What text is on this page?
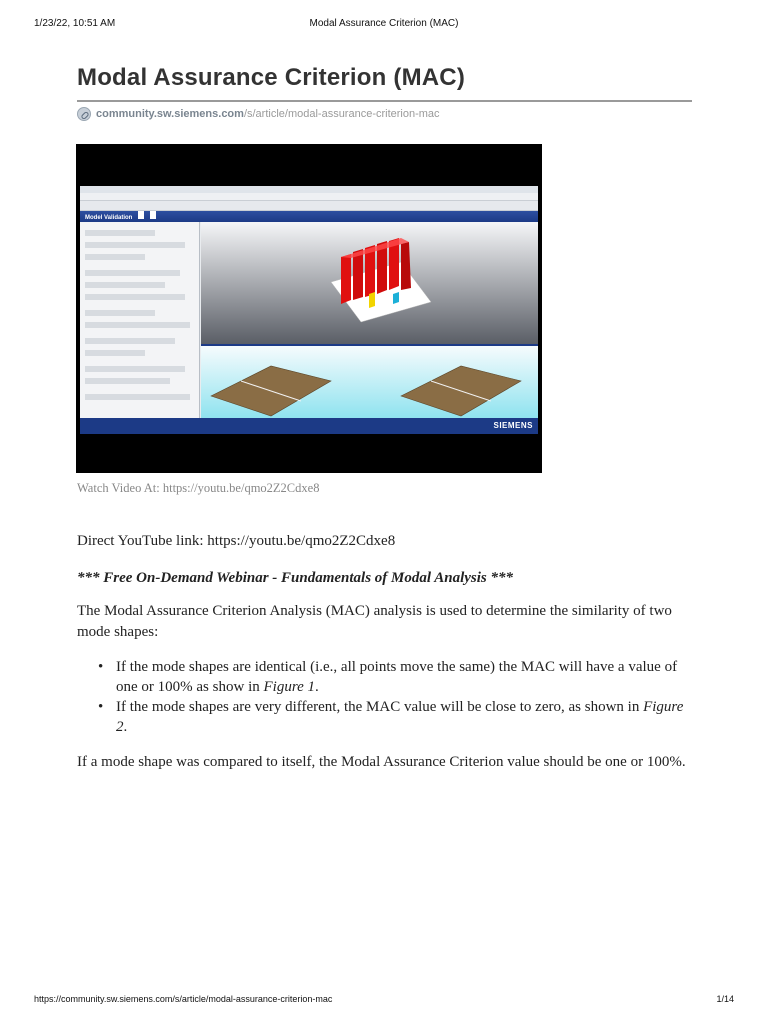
1/23/22, 10:51 AM	Modal Assurance Criterion (MAC)
Modal Assurance Criterion (MAC)
community.sw.siemens.com /s/article/modal-assurance-criterion-mac
Model Validation
SIEMENS
Watch Video At: https://youtu.be/qmo2Z2Cdxe8

Direct YouTube link: https://youtu.be/qmo2Z2Cdxe8

*** Free On-Demand Webinar - Fundamentals of Modal Analysis ***

The Modal Assurance Criterion Analysis (MAC) analysis is used to determine the similarity of two mode shapes:

• If the mode shapes are identical (i.e., all points move the same) the MAC will have a value of one or 100% as show in Figure 1.
• If the mode shapes are very different, the MAC value will be close to zero, as shown in Figure 2.

If a mode shape was compared to itself, the Modal Assurance Criterion value should be one or 100%.

https://community.sw.siemens.com/s/article/modal-assurance-criterion-mac	1/14
